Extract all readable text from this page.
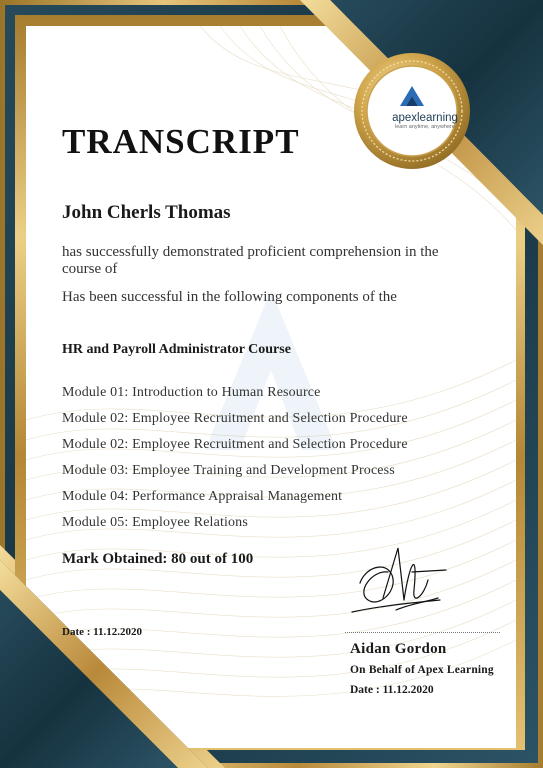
apexlearning
learn anytime, anywhere
TRANSCRIPT
John Cherls Thomas
has successfully demonstrated proficient comprehension in the
course of
Has been successful in the following components of the
HR and Payroll Administrator Course
Module 01: Introduction to Human Resource
Module 02: Employee Recruitment and Selection Procedure
Module 02: Employee Recruitment and Selection Procedure
Module 03: Employee Training and Development Process
Module 04: Performance Appraisal Management
Module 05: Employee Relations
Mark Obtained: 80 out of 100
Date : 11.12.2020
Aidan Gordon
On Behalf of Apex Learning
Date : 11.12.2020
